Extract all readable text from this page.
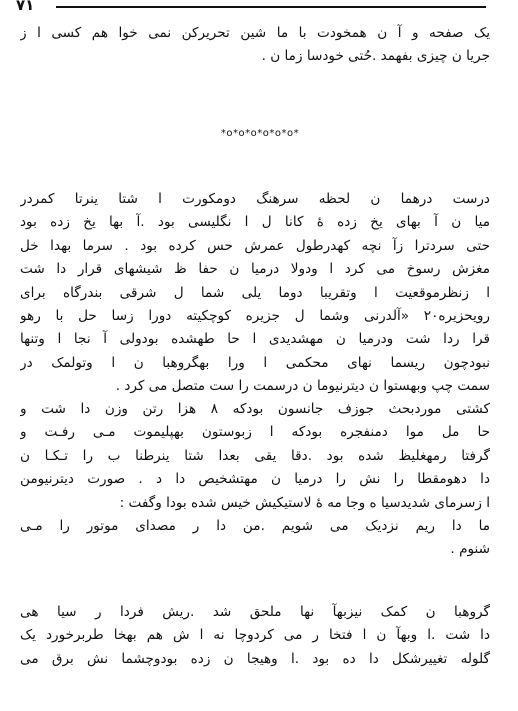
۷۱
یک صفحه و آ ن همخودت با ما شین تحریرکن نمی خوا هم کسی ا ز
جریا ن چیزی بفهمد .حُتی خودسا زما ن .
*o*o*o*o*o*o*
درست درهما ن لحظه سرهنگ دومکورت ا شتا ینرتا کمردر
میا ن آ بهای یخ زده ۀ کانا ل ا نگلیسی بود .آ بها یخ زده بود
حتی سردترا زآ نچه کهدرطول عمرش حس کرده بود . سرما بهدا خل
مغزش رسوخ می کرد ا ودولا درمیا ن حفا ظ شیشهای قرار دا شت
ا زنظرموقعیت ا وتقریبا دوما یلی شما ل شرقی بندرگاه برای
رویحزیره۲۰ «آلدرنی وشما ل جزیره کوچکیته دورا زسا حل با رهو
قرا ردا شت ودرمیا ن مهشدیدی ا حا طهشده بودولی آ نجا ا وتنها
نبودچون ریسما نهای محکمی ا ورا بهگروهبا ن ا وتولمک در
سمت چپ وبهستوا ن دیترنیوما ن درسمت را ست متصل می کرد .
کشتی موردبحث جوزف جانسون بودکه ۸ هزا رتن وزن دا شت و
حا مل موا دمنفجره بودکه ا زبوستون بهپلیموت مـی رفـت و
گرفتا رمهغلیظ شده بود .دقا یقی بعدا شتا ینرطنا ب را تـکـا ن
دا دهومقطا را نش را درمیا ن مهتشخیص دا د . صورت دیترنیومن
ا زسرمای شدیدسیا ه وجا مه ۀ لاستیکیش خیس شده بودا وگفت :
ما دا ریم نزدیک می شویم .من دا ر مصدای موتور را مـی
شنوم .
گروهبا ن کمک نیزبهآ نها ملحق شد .ریش فردا ر سیا هی
دا شت .ا وبهآ ن ا فتخا ر می کردوچا نه ا ش هم بهخا طربرخورد یک
گلوله تغییرشکل دا ده بود .ا وهیجا ن زده بودوچشما نش برق می
